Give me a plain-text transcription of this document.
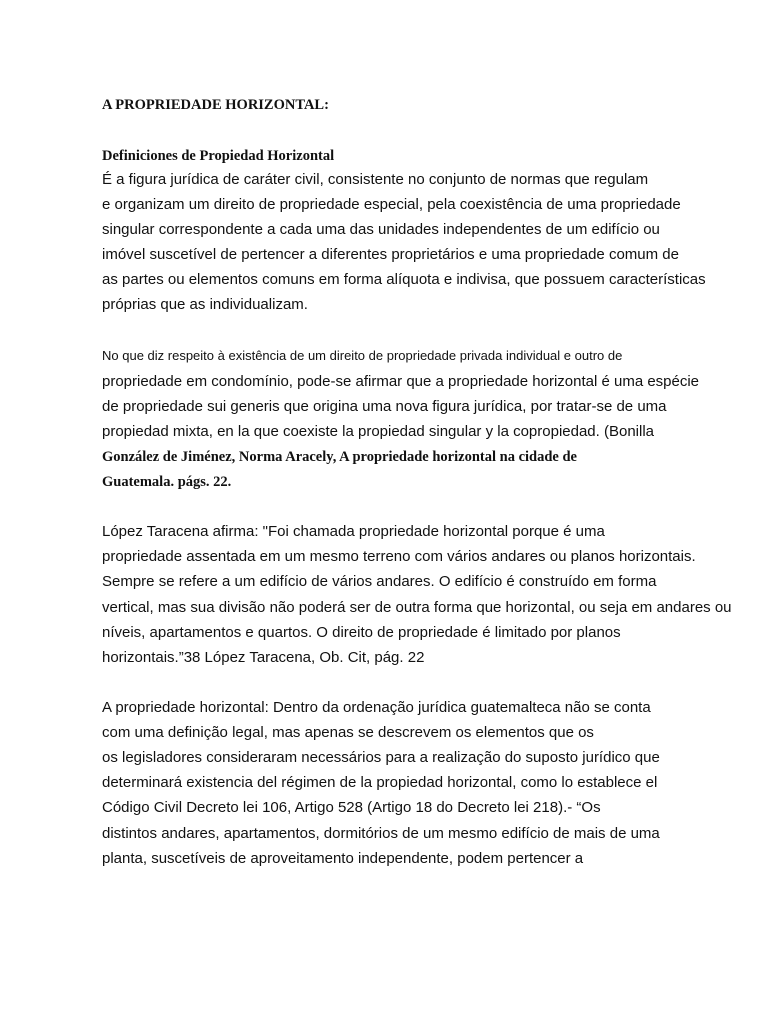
A PROPRIEDADE HORIZONTAL:
Definiciones de Propiedad Horizontal
É a figura jurídica de caráter civil, consistente no conjunto de normas que regulam
e organizam um direito de propriedade especial, pela coexistência de uma propriedade
singular correspondente a cada uma das unidades independentes de um edifício ou
imóvel suscetível de pertencer a diferentes proprietários e uma propriedade comum de
as partes ou elementos comuns em forma alíquota e indivisa, que possuem características
próprias que as individualizam.
No que diz respeito à existência de um direito de propriedade privada individual e outro de
propriedade em condomínio, pode-se afirmar que a propriedade horizontal é uma espécie
de propriedade sui generis que origina uma nova figura jurídica, por tratar-se de uma
propiedad mixta, en la que coexiste la propiedad singular y la copropiedad. (Bonilla
González de Jiménez, Norma Aracely, A propriedade horizontal na cidade de
Guatemala. págs. 22.
López Taracena afirma: "Foi chamada propriedade horizontal porque é uma
propriedade assentada em um mesmo terreno com vários andares ou planos horizontais.
Sempre se refere a um edifício de vários andares. O edifício é construído em forma
vertical, mas sua divisão não poderá ser de outra forma que horizontal, ou seja em andares ou
níveis, apartamentos e quartos. O direito de propriedade é limitado por planos
horizontais.”38 López Taracena, Ob. Cit, pág. 22
A propriedade horizontal: Dentro da ordenação jurídica guatemalteca não se conta
com uma definição legal, mas apenas se descrevem os elementos que os
os legisladores consideraram necessários para a realização do suposto jurídico que
determinará existencia del régimen de la propiedad horizontal, como lo establece el
Código Civil Decreto lei 106, Artigo 528 (Artigo 18 do Decreto lei 218).- “Os
distintos andares, apartamentos, dormitórios de um mesmo edifício de mais de uma
planta, suscetíveis de aproveitamento independente, podem pertencer a
